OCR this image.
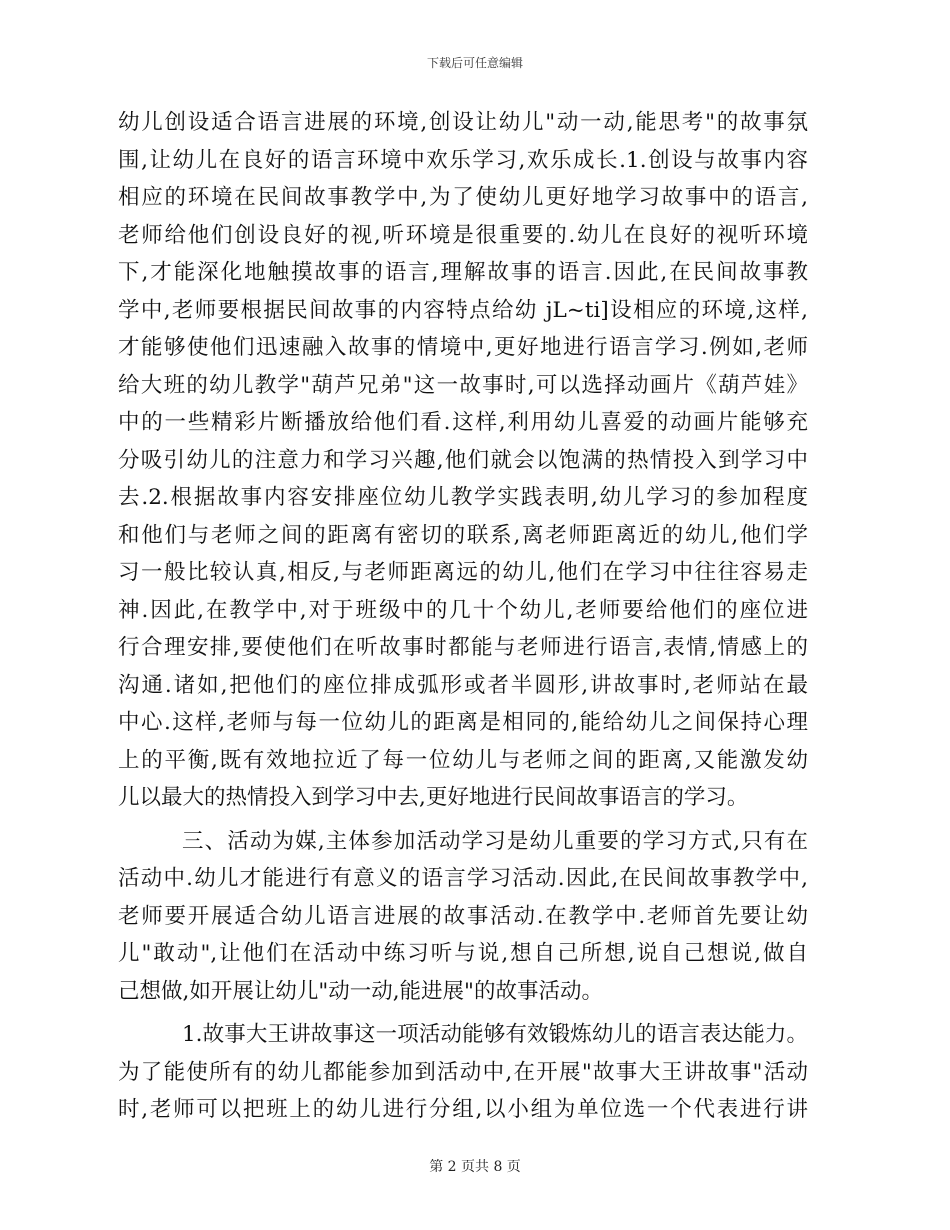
下载后可任意编辑
幼儿创设适合语言进展的环境,创设让幼儿"动一动,能思考"的故事氛
围,让幼儿在良好的语言环境中欢乐学习,欢乐成长.1.创设与故事内容
相应的环境在民间故事教学中,为了使幼儿更好地学习故事中的语言,
老师给他们创设良好的视,听环境是很重要的.幼儿在良好的视听环境
下,才能深化地触摸故事的语言,理解故事的语言.因此,在民间故事教
学中,老师要根据民间故事的内容特点给幼 jL~ti]设相应的环境,这样,
才能够使他们迅速融入故事的情境中,更好地进行语言学习.例如,老师
给大班的幼儿教学"葫芦兄弟"这一故事时,可以选择动画片《葫芦娃》
中的一些精彩片断播放给他们看.这样,利用幼儿喜爱的动画片能够充
分吸引幼儿的注意力和学习兴趣,他们就会以饱满的热情投入到学习中
去.2.根据故事内容安排座位幼儿教学实践表明,幼儿学习的参加程度
和他们与老师之间的距离有密切的联系,离老师距离近的幼儿,他们学
习一般比较认真,相反,与老师距离远的幼儿,他们在学习中往往容易走
神.因此,在教学中,对于班级中的几十个幼儿,老师要给他们的座位进
行合理安排,要使他们在听故事时都能与老师进行语言,表情,情感上的
沟通.诸如,把他们的座位排成弧形或者半圆形,讲故事时,老师站在最
中心.这样,老师与每一位幼儿的距离是相同的,能给幼儿之间保持心理
上的平衡,既有效地拉近了每一位幼儿与老师之间的距离,又能激发幼
儿以最大的热情投入到学习中去,更好地进行民间故事语言的学习。
三、活动为媒,主体参加活动学习是幼儿重要的学习方式,只有在
活动中.幼儿才能进行有意义的语言学习活动.因此,在民间故事教学中,
老师要开展适合幼儿语言进展的故事活动.在教学中.老师首先要让幼
儿"敢动",让他们在活动中练习听与说,想自己所想,说自己想说,做自
己想做,如开展让幼儿"动一动,能进展"的故事活动。
1.故事大王讲故事这一项活动能够有效锻炼幼儿的语言表达能力。
为了能使所有的幼儿都能参加到活动中,在开展"故事大王讲故事"活动
时,老师可以把班上的幼儿进行分组,以小组为单位选一个代表进行讲
第 2 页共 8 页
